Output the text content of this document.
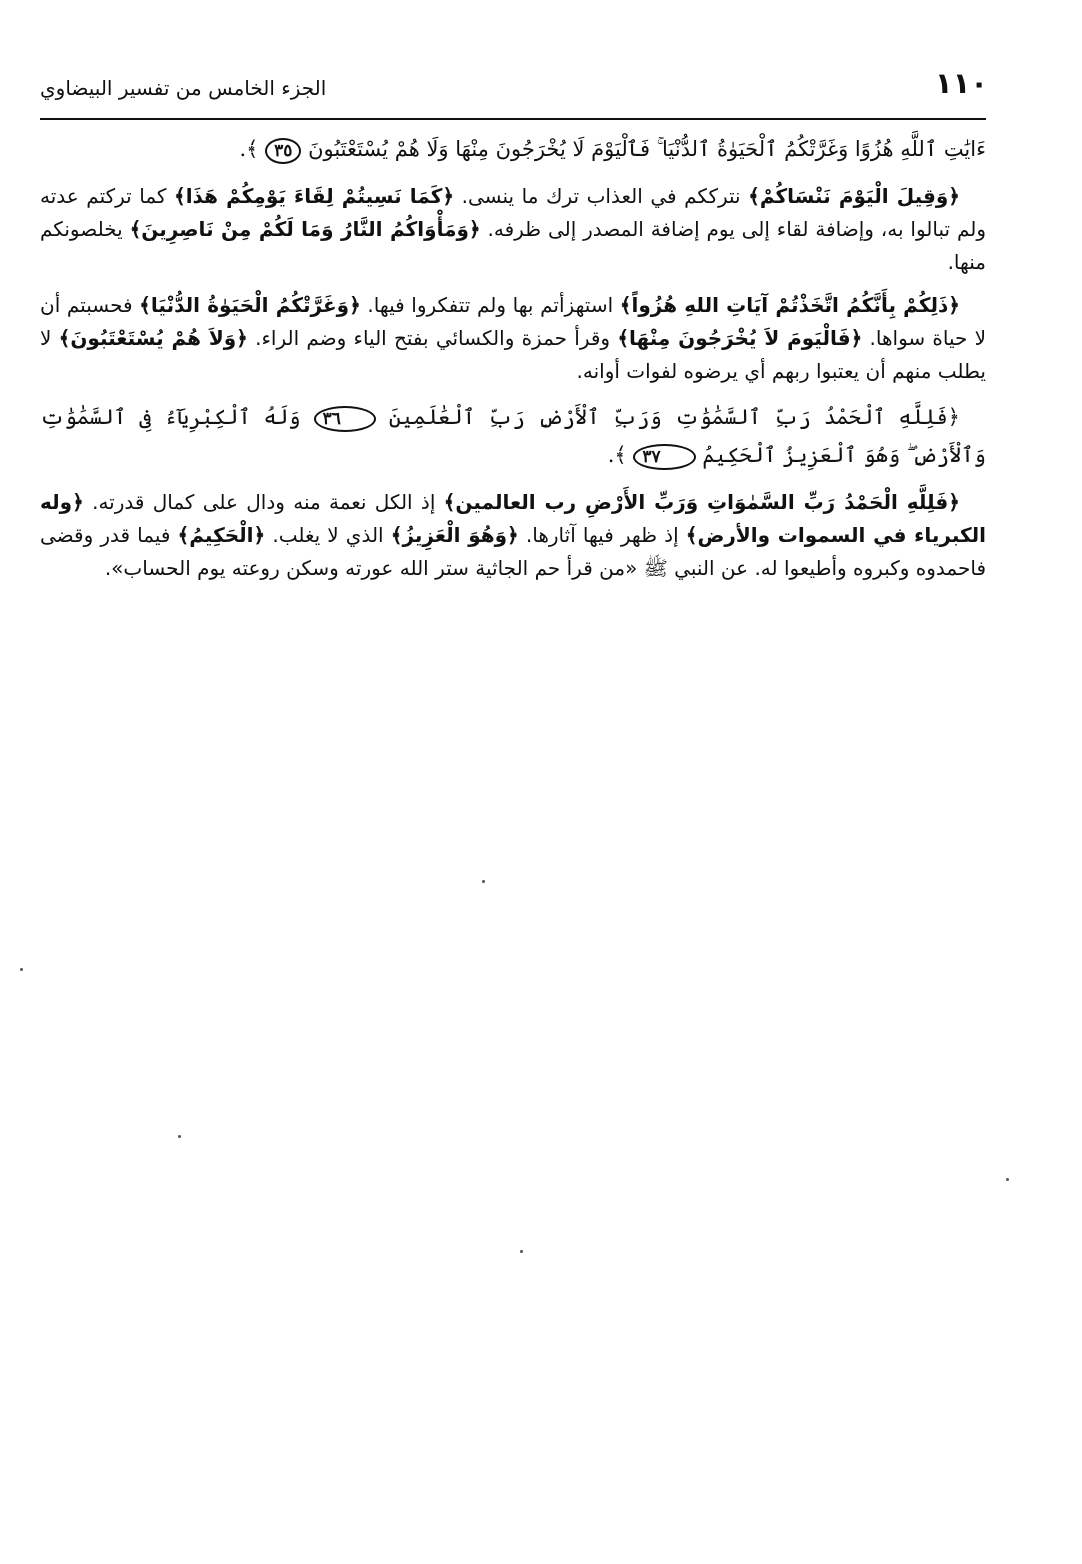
١١٠
الجزء الخامس من تفسير البيضاوي

ءَايَٰتِ ٱللَّهِ هُزُوًا وَغَرَّتْكُمُ ٱلْحَيَوٰةُ ٱلدُّنْيَا ۚ فَٱلْيَوْمَ لَا يُخْرَجُونَ مِنْهَا وَلَا هُمْ يُسْتَعْتَبُونَ ٣٥ ﴾.

﴿وَقِيلَ الْيَوْمَ نَنْسَاكُمْ﴾ نترككم في العذاب ترك ما ينسى. ﴿كَمَا نَسِيتُمْ لِقَاءَ يَوْمِكُمْ هَذَا﴾ كما تركتم عدته ولم تبالوا به، وإضافة لقاء إلى يوم إضافة المصدر إلى ظرفه. ﴿وَمَأْوَاكُمُ النَّارُ وَمَا لَكُمْ مِنْ نَاصِرِينَ﴾ يخلصونكم منها.

﴿ذَلِكُمْ بِأَنَّكُمُ اتَّخَذْتُمْ آيَاتِ اللهِ هُزُواً﴾ استهزأتم بها ولم تتفكروا فيها. ﴿وَغَرَّتْكُمُ الْحَيَوٰةُ الدُّنْيَا﴾ فحسبتم أن لا حياة سواها. ﴿فَالْيَومَ لاَ يُخْرَجُونَ مِنْهَا﴾ وقرأ حمزة والكسائي بفتح الياء وضم الراء. ﴿وَلاَ هُمْ يُسْتَعْتَبُونَ﴾ لا يطلب منهم أن يعتبوا ربهم أي يرضوه لفوات أوانه.

﴿فَلِلَّهِ ٱلْحَمْدُ رَبِّ ٱلسَّمَٰوَٰتِ وَرَبِّ ٱلْأَرْضِ رَبِّ ٱلْعَٰلَمِينَ ٣٦ وَلَهُ ٱلْكِبْرِيَآءُ فِى ٱلسَّمَٰوَٰتِ وَٱلْأَرْضِ ۖ وَهُوَ ٱلْعَزِيزُ ٱلْحَكِيمُ ٣٧ ﴾.

﴿فَلِلَّهِ الْحَمْدُ رَبِّ السَّمٰوَاتِ وَرَبِّ الأَرْضِ رب العالمين﴾ إذ الكل نعمة منه ودال على كمال قدرته. ﴿وله الكبرياء في السموات والأرض﴾ إذ ظهر فيها آثارها. ﴿وَهُوَ الْعَزِيزُ﴾ الذي لا يغلب. ﴿الْحَكِيمُ﴾ فيما قدر وقضى فاحمدوه وكبروه وأطيعوا له. عن النبي ﷺ «من قرأ حم الجاثية ستر الله عورته وسكن روعته يوم الحساب».
